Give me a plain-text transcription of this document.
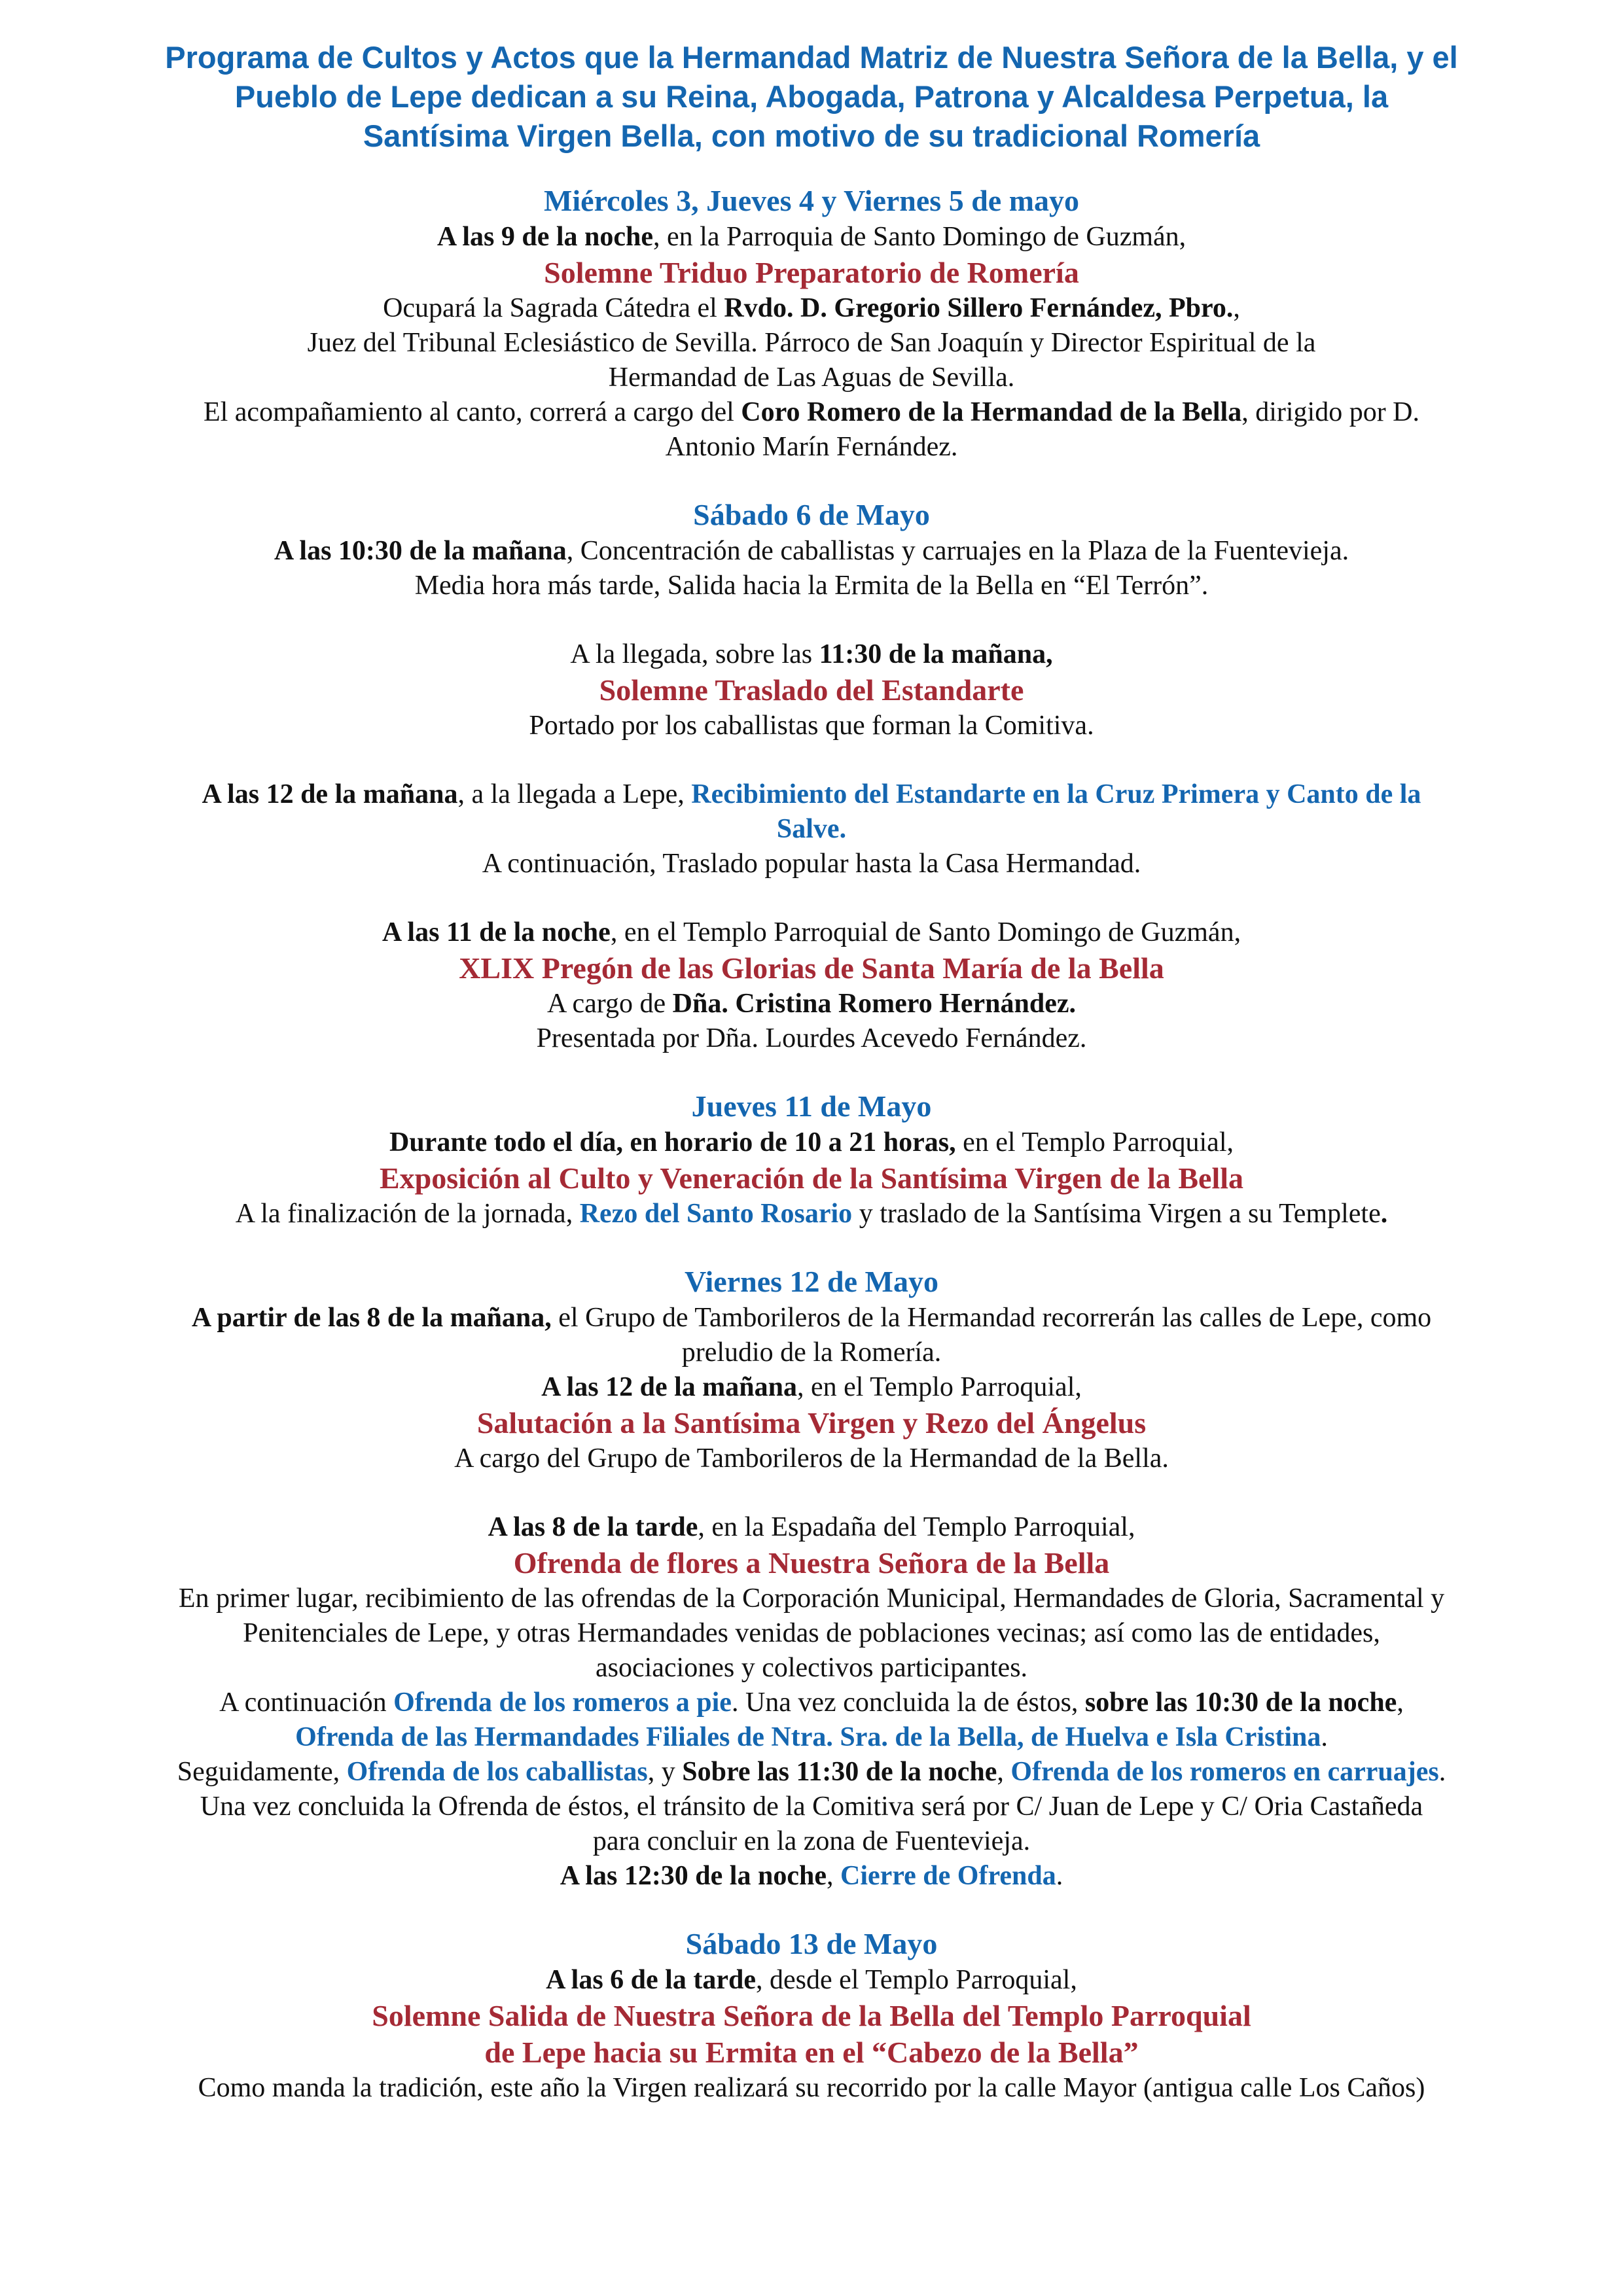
Programa de Cultos y Actos que la Hermandad Matriz de Nuestra Señora de la Bella, y el
Pueblo de Lepe dedican a su Reina, Abogada, Patrona y Alcaldesa Perpetua, la
Santísima Virgen Bella, con motivo de su tradicional Romería
Miércoles 3, Jueves 4 y Viernes 5 de mayo
A las 9 de la noche, en la Parroquia de Santo Domingo de Guzmán,
Solemne Triduo Preparatorio de Romería
Ocupará la Sagrada Cátedra el Rvdo. D. Gregorio Sillero Fernández, Pbro.,
Juez del Tribunal Eclesiástico de Sevilla. Párroco de San Joaquín y Director Espiritual de la
Hermandad de Las Aguas de Sevilla.
El acompañamiento al canto, correrá a cargo del Coro Romero de la Hermandad de la Bella, dirigido por D.
Antonio Marín Fernández.
Sábado 6 de Mayo
A las 10:30 de la mañana, Concentración de caballistas y carruajes en la Plaza de la Fuentevieja.
Media hora más tarde, Salida hacia la Ermita de la Bella en “El Terrón”.
A la llegada, sobre las 11:30 de la mañana,
Solemne Traslado del Estandarte
Portado por los caballistas que forman la Comitiva.
A las 12 de la mañana, a la llegada a Lepe, Recibimiento del Estandarte en la Cruz Primera y Canto de la
Salve.
A continuación, Traslado popular hasta la Casa Hermandad.
A las 11 de la noche, en el Templo Parroquial de Santo Domingo de Guzmán,
XLIX Pregón de las Glorias de Santa María de la Bella
A cargo de Dña. Cristina Romero Hernández.
Presentada por Dña. Lourdes Acevedo Fernández.
Jueves 11 de Mayo
Durante todo el día, en horario de 10 a 21 horas, en el Templo Parroquial,
Exposición al Culto y Veneración de la Santísima Virgen de la Bella
A la finalización de la jornada, Rezo del Santo Rosario y traslado de la Santísima Virgen a su Templete.
Viernes 12 de Mayo
A partir de las 8 de la mañana, el Grupo de Tamborileros de la Hermandad recorrerán las calles de Lepe, como
preludio de la Romería.
A las 12 de la mañana, en el Templo Parroquial,
Salutación a la Santísima Virgen y Rezo del Ángelus
A cargo del Grupo de Tamborileros de la Hermandad de la Bella.
A las 8 de la tarde, en la Espadaña del Templo Parroquial,
Ofrenda de flores a Nuestra Señora de la Bella
En primer lugar, recibimiento de las ofrendas de la Corporación Municipal, Hermandades de Gloria, Sacramental y
Penitenciales de Lepe, y otras Hermandades venidas de poblaciones vecinas; así como las de entidades,
asociaciones y colectivos participantes.
A continuación Ofrenda de los romeros a pie. Una vez concluida la de éstos, sobre las 10:30 de la noche,
Ofrenda de las Hermandades Filiales de Ntra. Sra. de la Bella, de Huelva e Isla Cristina.
Seguidamente, Ofrenda de los caballistas, y Sobre las 11:30 de la noche, Ofrenda de los romeros en carruajes.
Una vez concluida la Ofrenda de éstos, el tránsito de la Comitiva será por C/ Juan de Lepe y C/ Oria Castañeda
para concluir en la zona de Fuentevieja.
A las 12:30 de la noche, Cierre de Ofrenda.
Sábado 13 de Mayo
A las 6 de la tarde, desde el Templo Parroquial,
Solemne Salida de Nuestra Señora de la Bella del Templo Parroquial
de Lepe hacia su Ermita en el “Cabezo de la Bella”
Como manda la tradición, este año la Virgen realizará su recorrido por la calle Mayor (antigua calle Los Caños)
